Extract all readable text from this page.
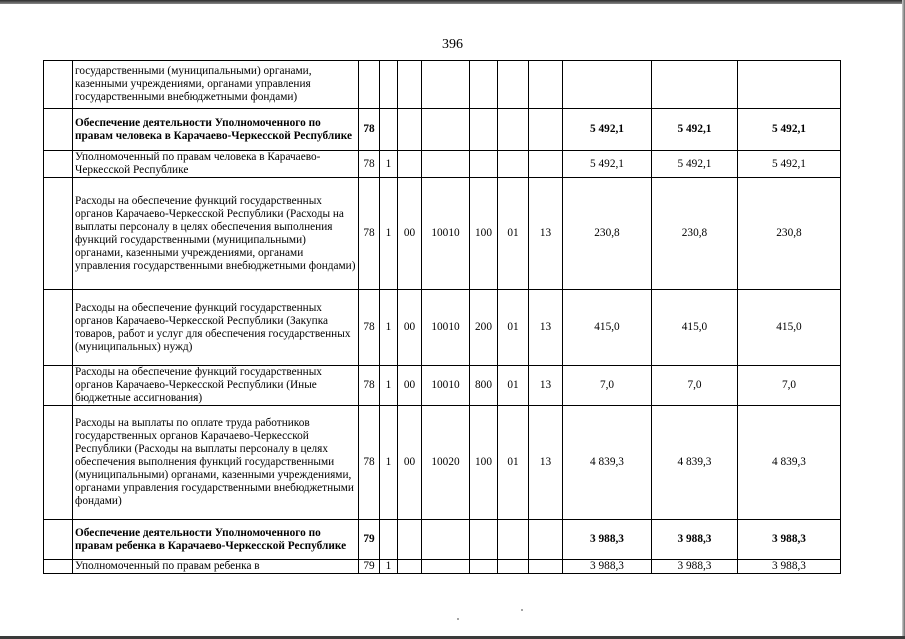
396
	государственными (муниципальными) органами, казенными учреждениями, органами управления государственными внебюджетными фондами)										
	Обеспечение деятельности Уполномоченного по правам человека в Карачаево-Черкесской Республике	78							5 492,1	5 492,1	5 492,1
	Уполномоченный по правам человека в Карачаево-Черкесской Республике	78	1						5 492,1	5 492,1	5 492,1
	Расходы на обеспечение функций государственных органов Карачаево-Черкесской Республики (Расходы на выплаты персоналу в целях обеспечения выполнения функций государственными (муниципальными) органами, казенными учреждениями, органами управления государственными внебюджетными фондами)	78	1	00	10010	100	01	13	230,8	230,8	230,8
	Расходы на обеспечение функций государственных органов Карачаево-Черкесской Республики (Закупка товаров, работ и услуг для обеспечения государственных (муниципальных) нужд)	78	1	00	10010	200	01	13	415,0	415,0	415,0
	Расходы на обеспечение функций государственных органов Карачаево-Черкесской Республики (Иные бюджетные ассигнования)	78	1	00	10010	800	01	13	7,0	7,0	7,0
	Расходы на выплаты по оплате труда работников государственных органов Карачаево-Черкесской Республики (Расходы на выплаты персоналу в целях обеспечения выполнения функций государственными (муниципальными) органами, казенными учреждениями, органами управления государственными внебюджетными фондами)	78	1	00	10020	100	01	13	4 839,3	4 839,3	4 839,3
	Обеспечение деятельности Уполномоченного по правам ребенка в Карачаево-Черкесской Республике	79							3 988,3	3 988,3	3 988,3
	Уполномоченный по правам ребенка в	79	1						3 988,3	3 988,3	3 988,3
